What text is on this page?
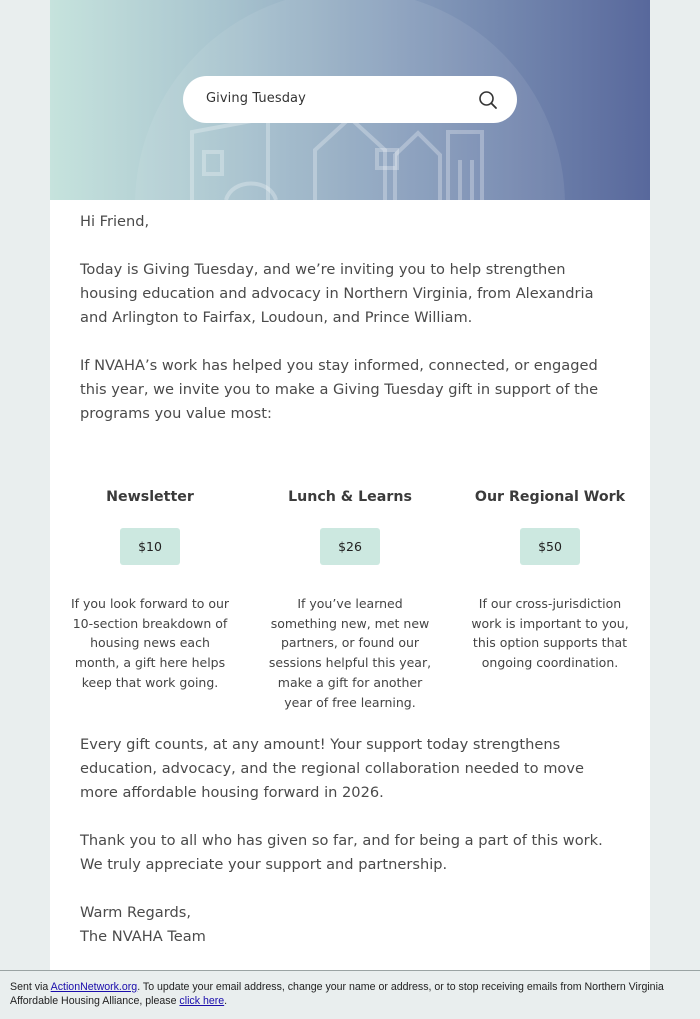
Giving Tuesday

Hi Friend,

Today is Giving Tuesday, and we’re inviting you to help strengthen housing education and advocacy in Northern Virginia, from Alexandria and Arlington to Fairfax, Loudoun, and Prince William.

If NVAHA’s work has helped you stay informed, connected, or engaged this year, we invite you to make a Giving Tuesday gift in support of the programs you value most:

Newsletter
$10
If you look forward to our 10-section breakdown of housing news each month, a gift here helps keep that work going.
Lunch & Learns
$26
If you’ve learned something new, met new partners, or found our sessions helpful this year, make a gift for another year of free learning.
Our Regional Work
$50
If our cross-jurisdiction work is important to you, this option supports that ongoing coordination.

Every gift counts, at any amount! Your support today strengthens education, advocacy, and the regional collaboration needed to move more affordable housing forward in 2026.

Thank you to all who has given so far, and for being a part of this work. We truly appreciate your support and partnership.

Warm Regards,

The NVAHA Team

Sent via ActionNetwork.org. To update your email address, change your name or address, or to stop receiving emails from Northern Virginia Affordable Housing Alliance, please click here.
